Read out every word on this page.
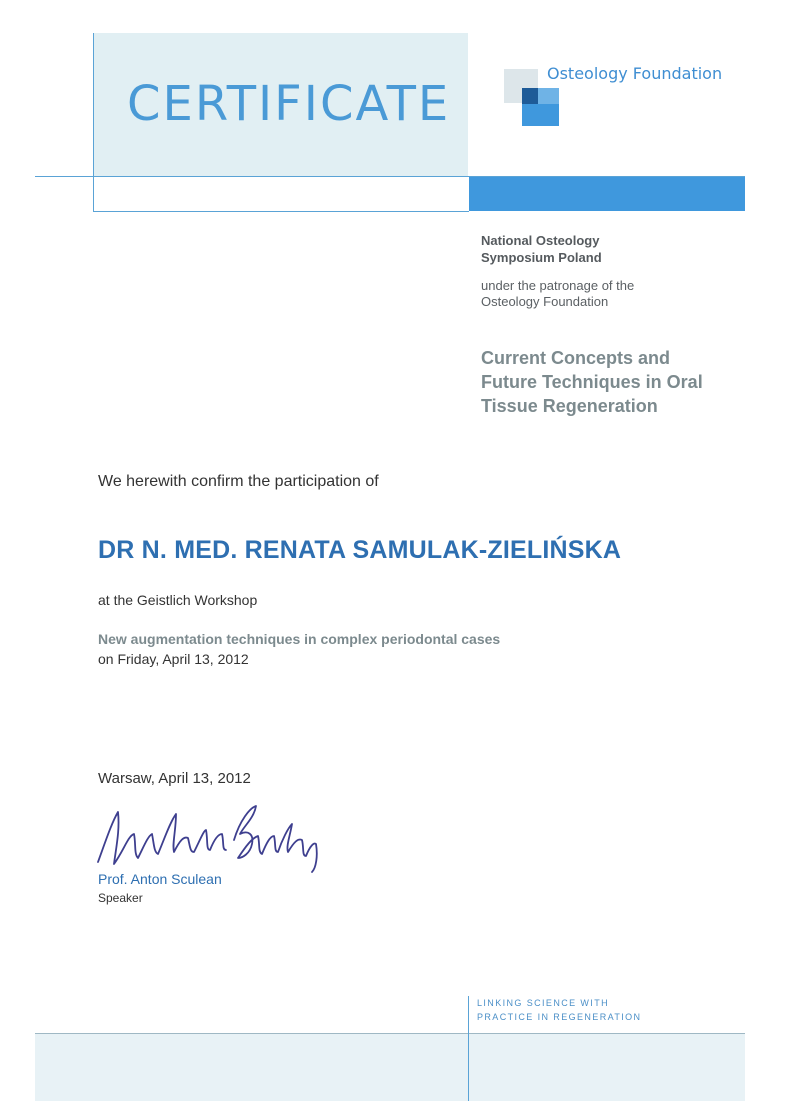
CERTIFICATE
Osteology Foundation
National Osteology
Symposium Poland
under the patronage of the
Osteology Foundation
Current Concepts and
Future Techniques in Oral
Tissue Regeneration
We herewith confirm the participation of
DR N. MED. RENATA SAMULAK-ZIELIŃSKA
at the Geistlich Workshop
New augmentation techniques in complex periodontal cases
on Friday, April 13, 2012
Warsaw, April 13, 2012
Prof. Anton Sculean
Speaker
LINKING SCIENCE WITH
PRACTICE IN REGENERATION
